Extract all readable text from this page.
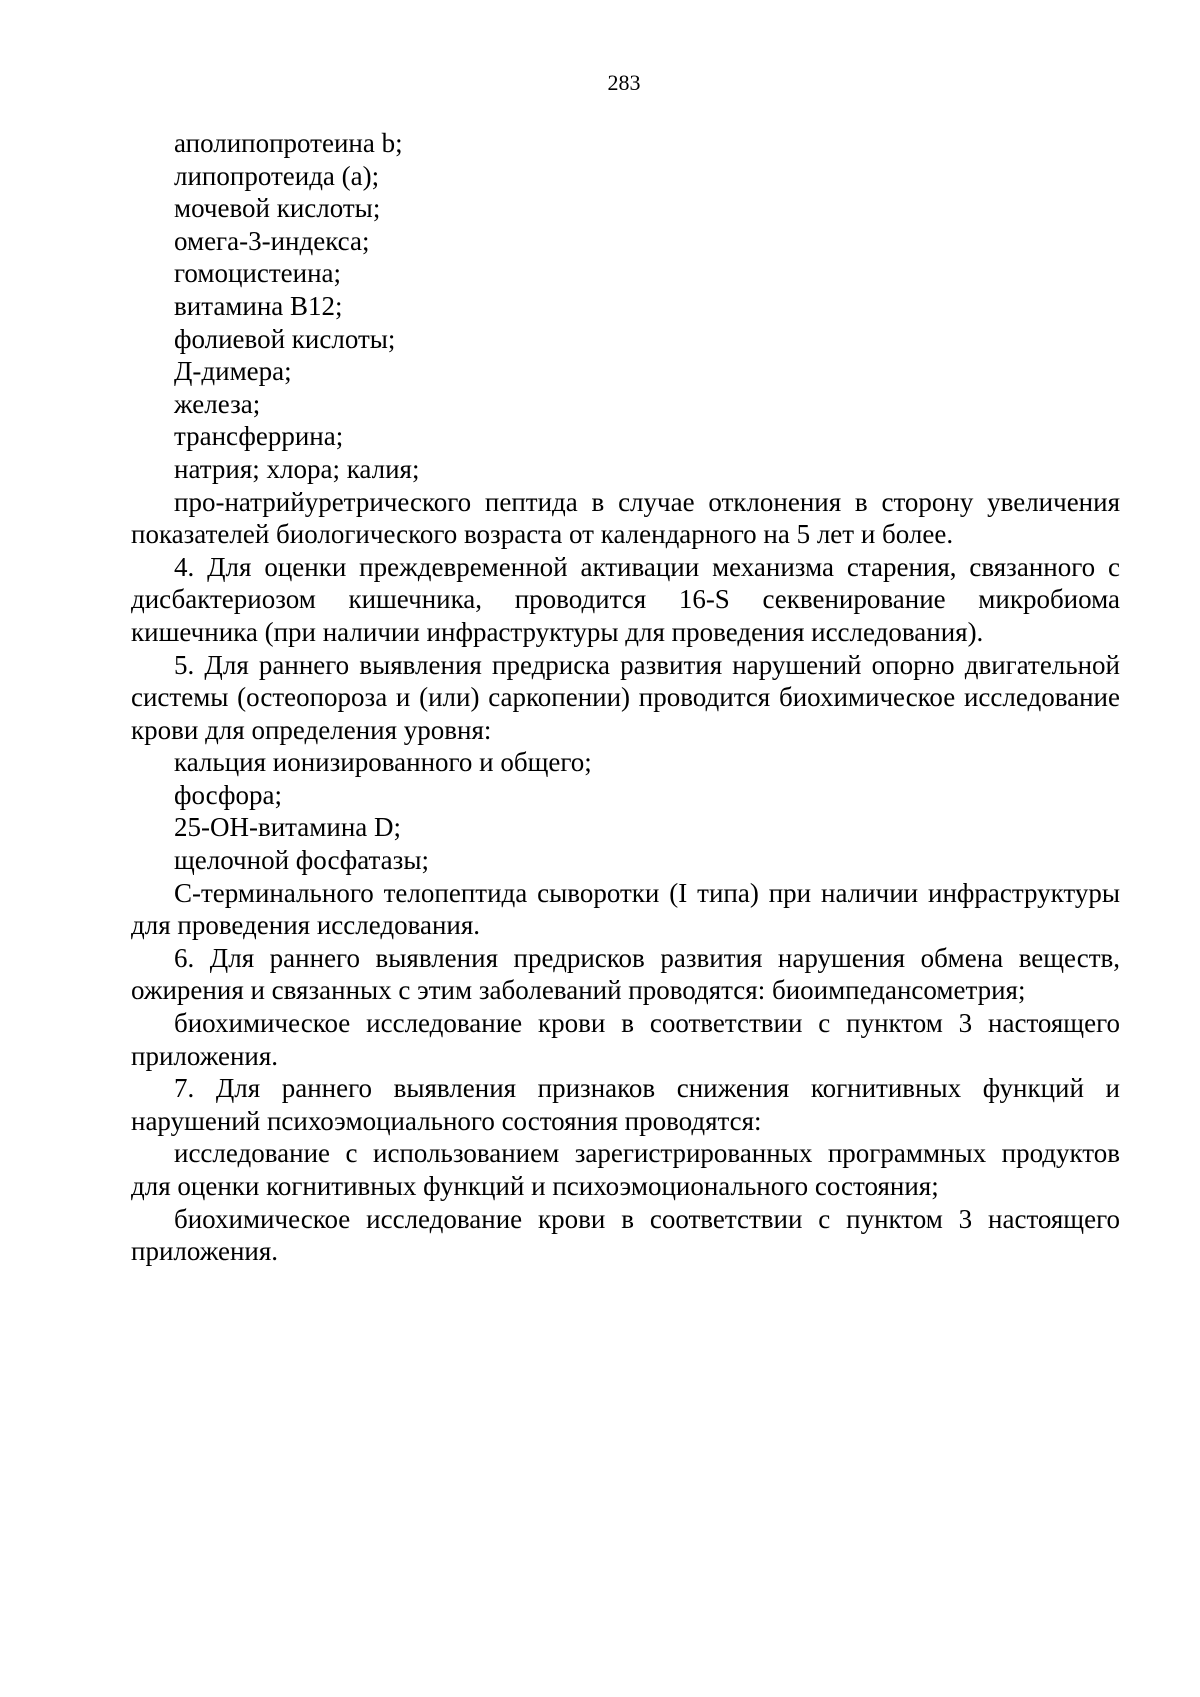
283

аполипопротеина b;

липопротеида (а);

мочевой кислоты;

омега-3-индекса;

гомоцистеина;

витамина В12;

фолиевой кислоты;

Д-димера;

железа;

трансферрина;

натрия; хлора; калия;

про-натрийуретрического пептида в случае отклонения в сторону увеличения показателей биологического возраста от календарного на 5 лет и более.

4. Для оценки преждевременной активации механизма старения, связанного с дисбактериозом кишечника, проводится 16-S секвенирование микробиома кишечника (при наличии инфраструктуры для проведения исследования).

5. Для раннего выявления предриска развития нарушений опорно двигательной системы (остеопороза и (или) саркопении) проводится биохимическое исследование крови для определения уровня:

кальция ионизированного и общего;

фосфора;

25-ОН-витамина D;

щелочной фосфатазы;

С-терминального телопептида сыворотки (I типа) при наличии инфраструктуры для проведения исследования.

6. Для раннего выявления предрисков развития нарушения обмена веществ, ожирения и связанных с этим заболеваний проводятся: биоимпедансометрия;

биохимическое исследование крови в соответствии с пунктом 3 настоящего приложения.

7. Для раннего выявления признаков снижения когнитивных функций и нарушений психоэмоциального состояния проводятся:

исследование с использованием зарегистрированных программных продуктов для оценки когнитивных функций и психоэмоционального состояния;

биохимическое исследование крови в соответствии с пунктом 3 настоящего приложения.
